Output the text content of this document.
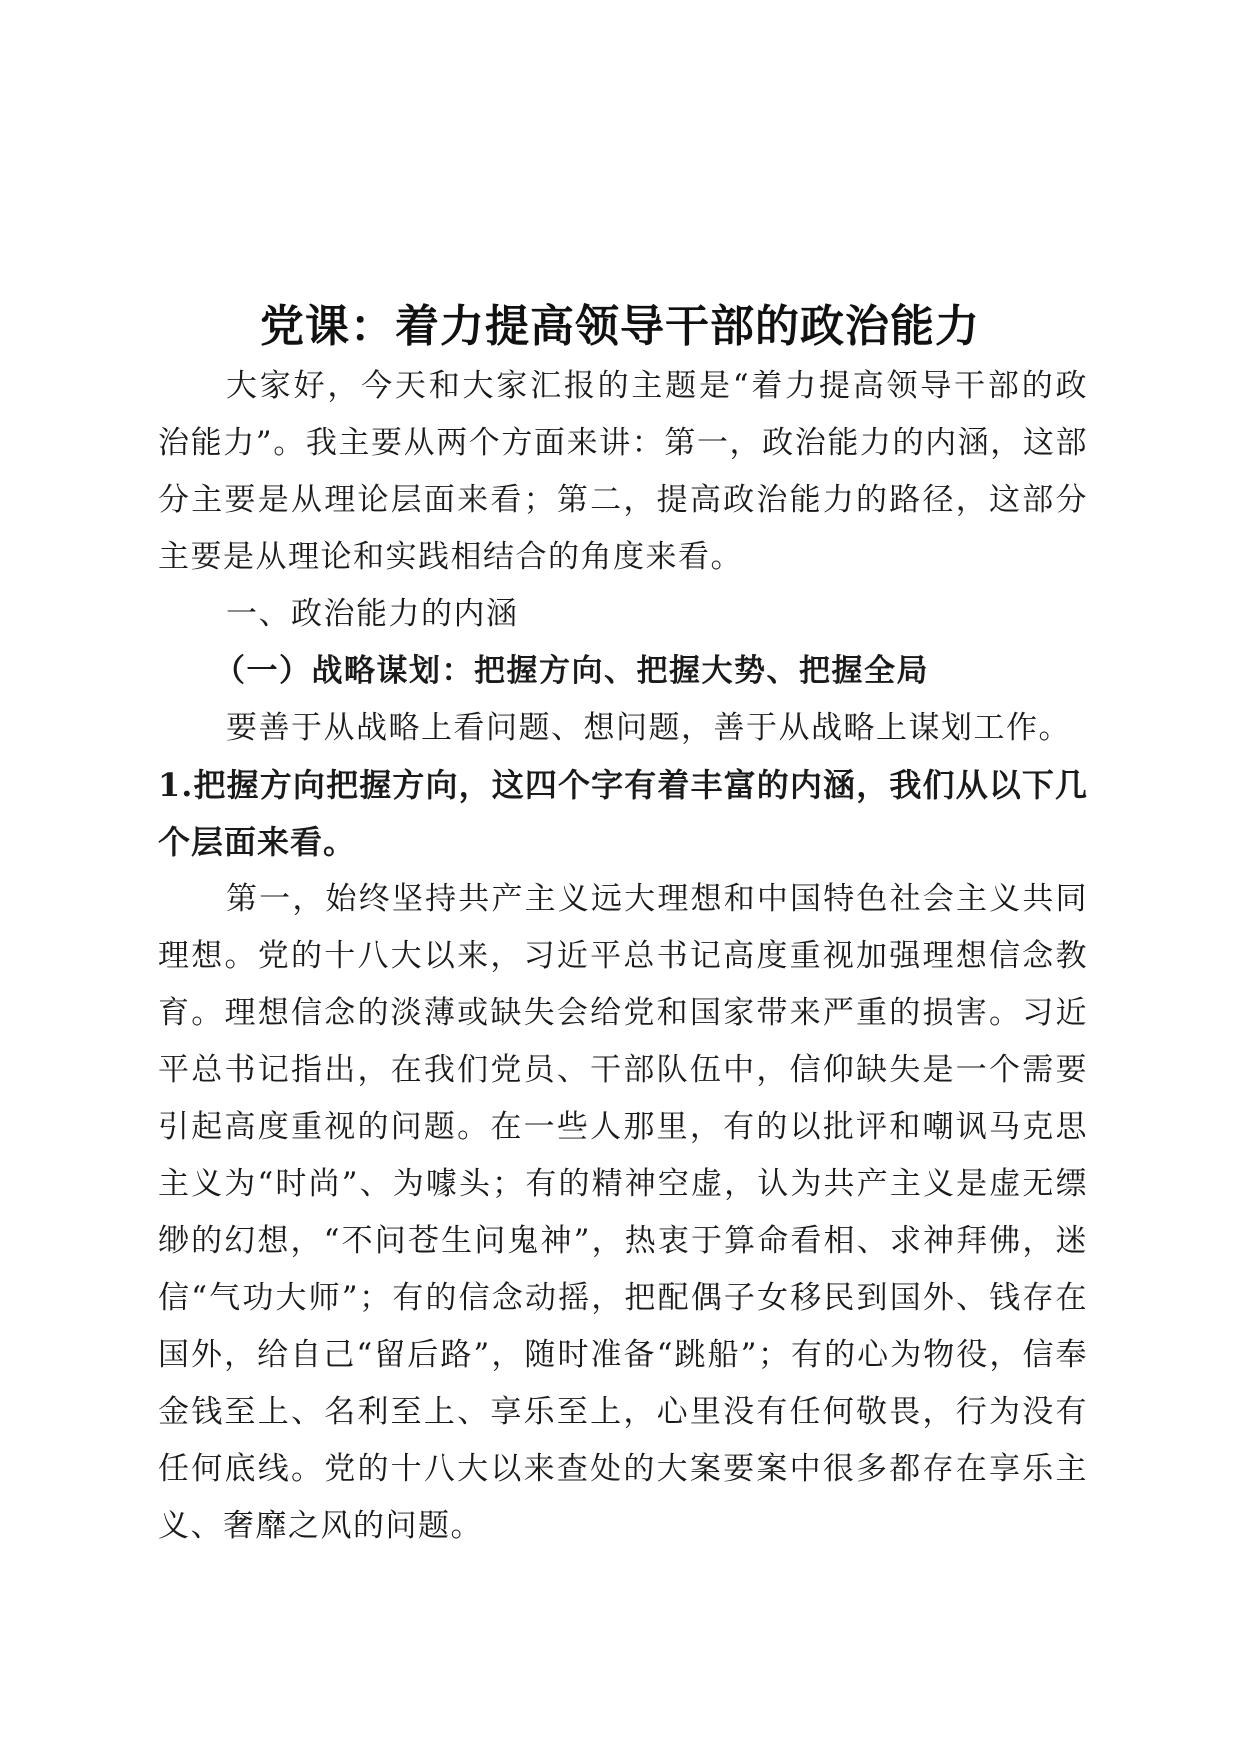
党课：着力提高领导干部的政治能力

大家好，今天和大家汇报的主题是“着力提高领导干部的政治能力”。我主要从两个方面来讲：第一，政治能力的内涵，这部分主要是从理论层面来看；第二，提高政治能力的路径，这部分主要是从理论和实践相结合的角度来看。

一、政治能力的内涵

（一）战略谋划：把握方向、把握大势、把握全局

要善于从战略上看问题、想问题，善于从战略上谋划工作。

1.把握方向把握方向，这四个字有着丰富的内涵，我们从以下几个层面来看。

第一，始终坚持共产主义远大理想和中国特色社会主义共同理想。党的十八大以来，习近平总书记高度重视加强理想信念教育。理想信念的淡薄或缺失会给党和国家带来严重的损害。习近平总书记指出，在我们党员、干部队伍中，信仰缺失是一个需要引起高度重视的问题。在一些人那里，有的以批评和嘲讽马克思主义为“时尚”、为噱头；有的精神空虚，认为共产主义是虚无缥缈的幻想，“不问苍生问鬼神”，热衷于算命看相、求神拜佛，迷信“气功大师”；有的信念动摇，把配偶子女移民到国外、钱存在国外，给自己“留后路”，随时准备“跳船”；有的心为物役，信奉金钱至上、名利至上、享乐至上，心里没有任何敬畏，行为没有任何底线。党的十八大以来查处的大案要案中很多都存在享乐主义、奢靡之风的问题。
